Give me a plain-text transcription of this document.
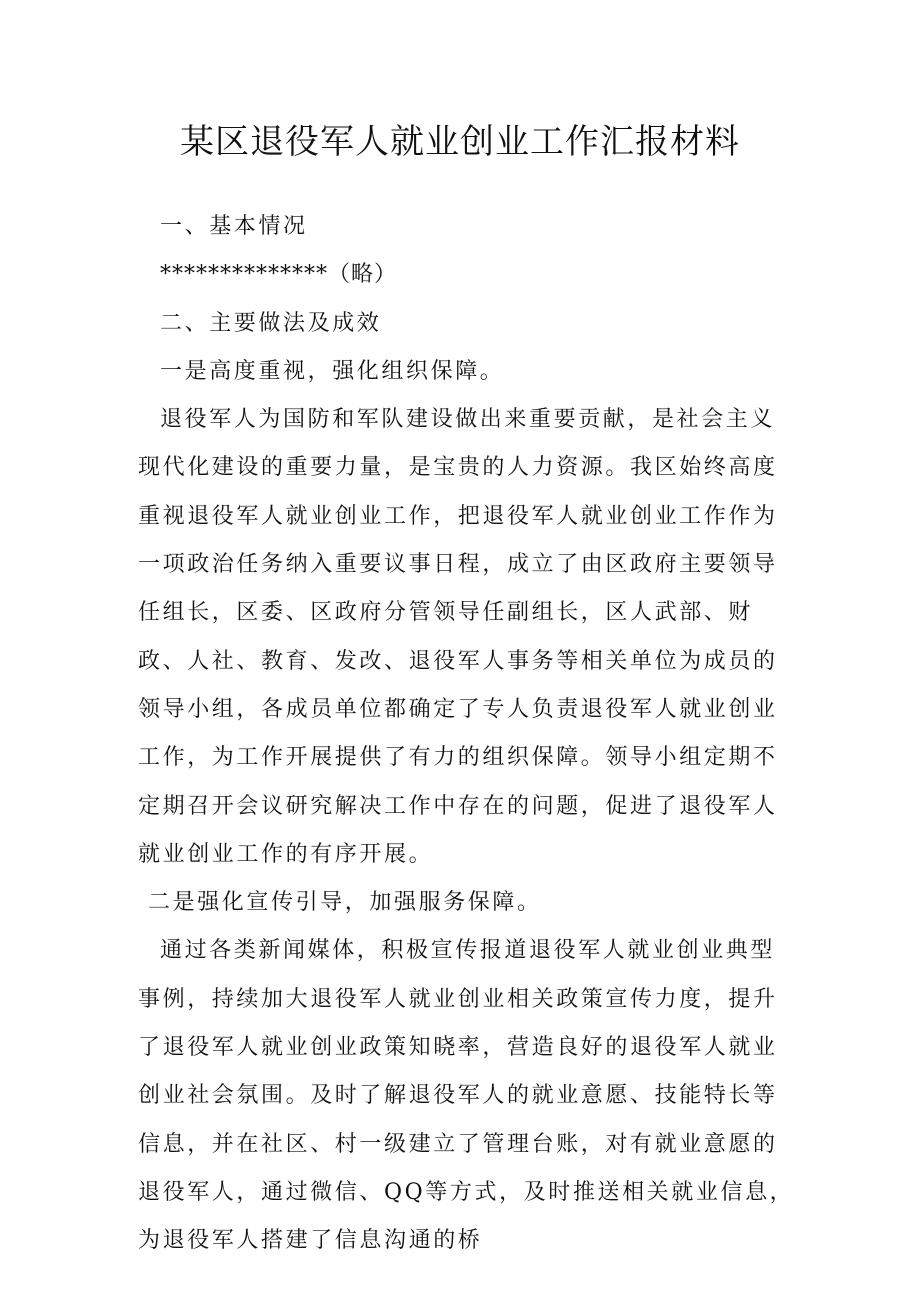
某区退役军人就业创业工作汇报材料

一、基本情况

**************（略）

二、主要做法及成效

一是高度重视，强化组织保障。

退役军人为国防和军队建设做出来重要贡献，是社会主义现代化建设的重要力量，是宝贵的人力资源。我区始终高度重视退役军人就业创业工作，把退役军人就业创业工作作为一项政治任务纳入重要议事日程，成立了由区政府主要领导任组长，区委、区政府分管领导任副组长，区人武部、财政、人社、教育、发改、退役军人事务等相关单位为成员的领导小组，各成员单位都确定了专人负责退役军人就业创业工作，为工作开展提供了有力的组织保障。领导小组定期不定期召开会议研究解决工作中存在的问题，促进了退役军人就业创业工作的有序开展。

二是强化宣传引导，加强服务保障。

通过各类新闻媒体，积极宣传报道退役军人就业创业典型事例，持续加大退役军人就业创业相关政策宣传力度，提升了退役军人就业创业政策知晓率，营造良好的退役军人就业创业社会氛围。及时了解退役军人的就业意愿、技能特长等信息，并在社区、村一级建立了管理台账，对有就业意愿的退役军人，通过微信、QQ等方式，及时推送相关就业信息，为退役军人搭建了信息沟通的桥
